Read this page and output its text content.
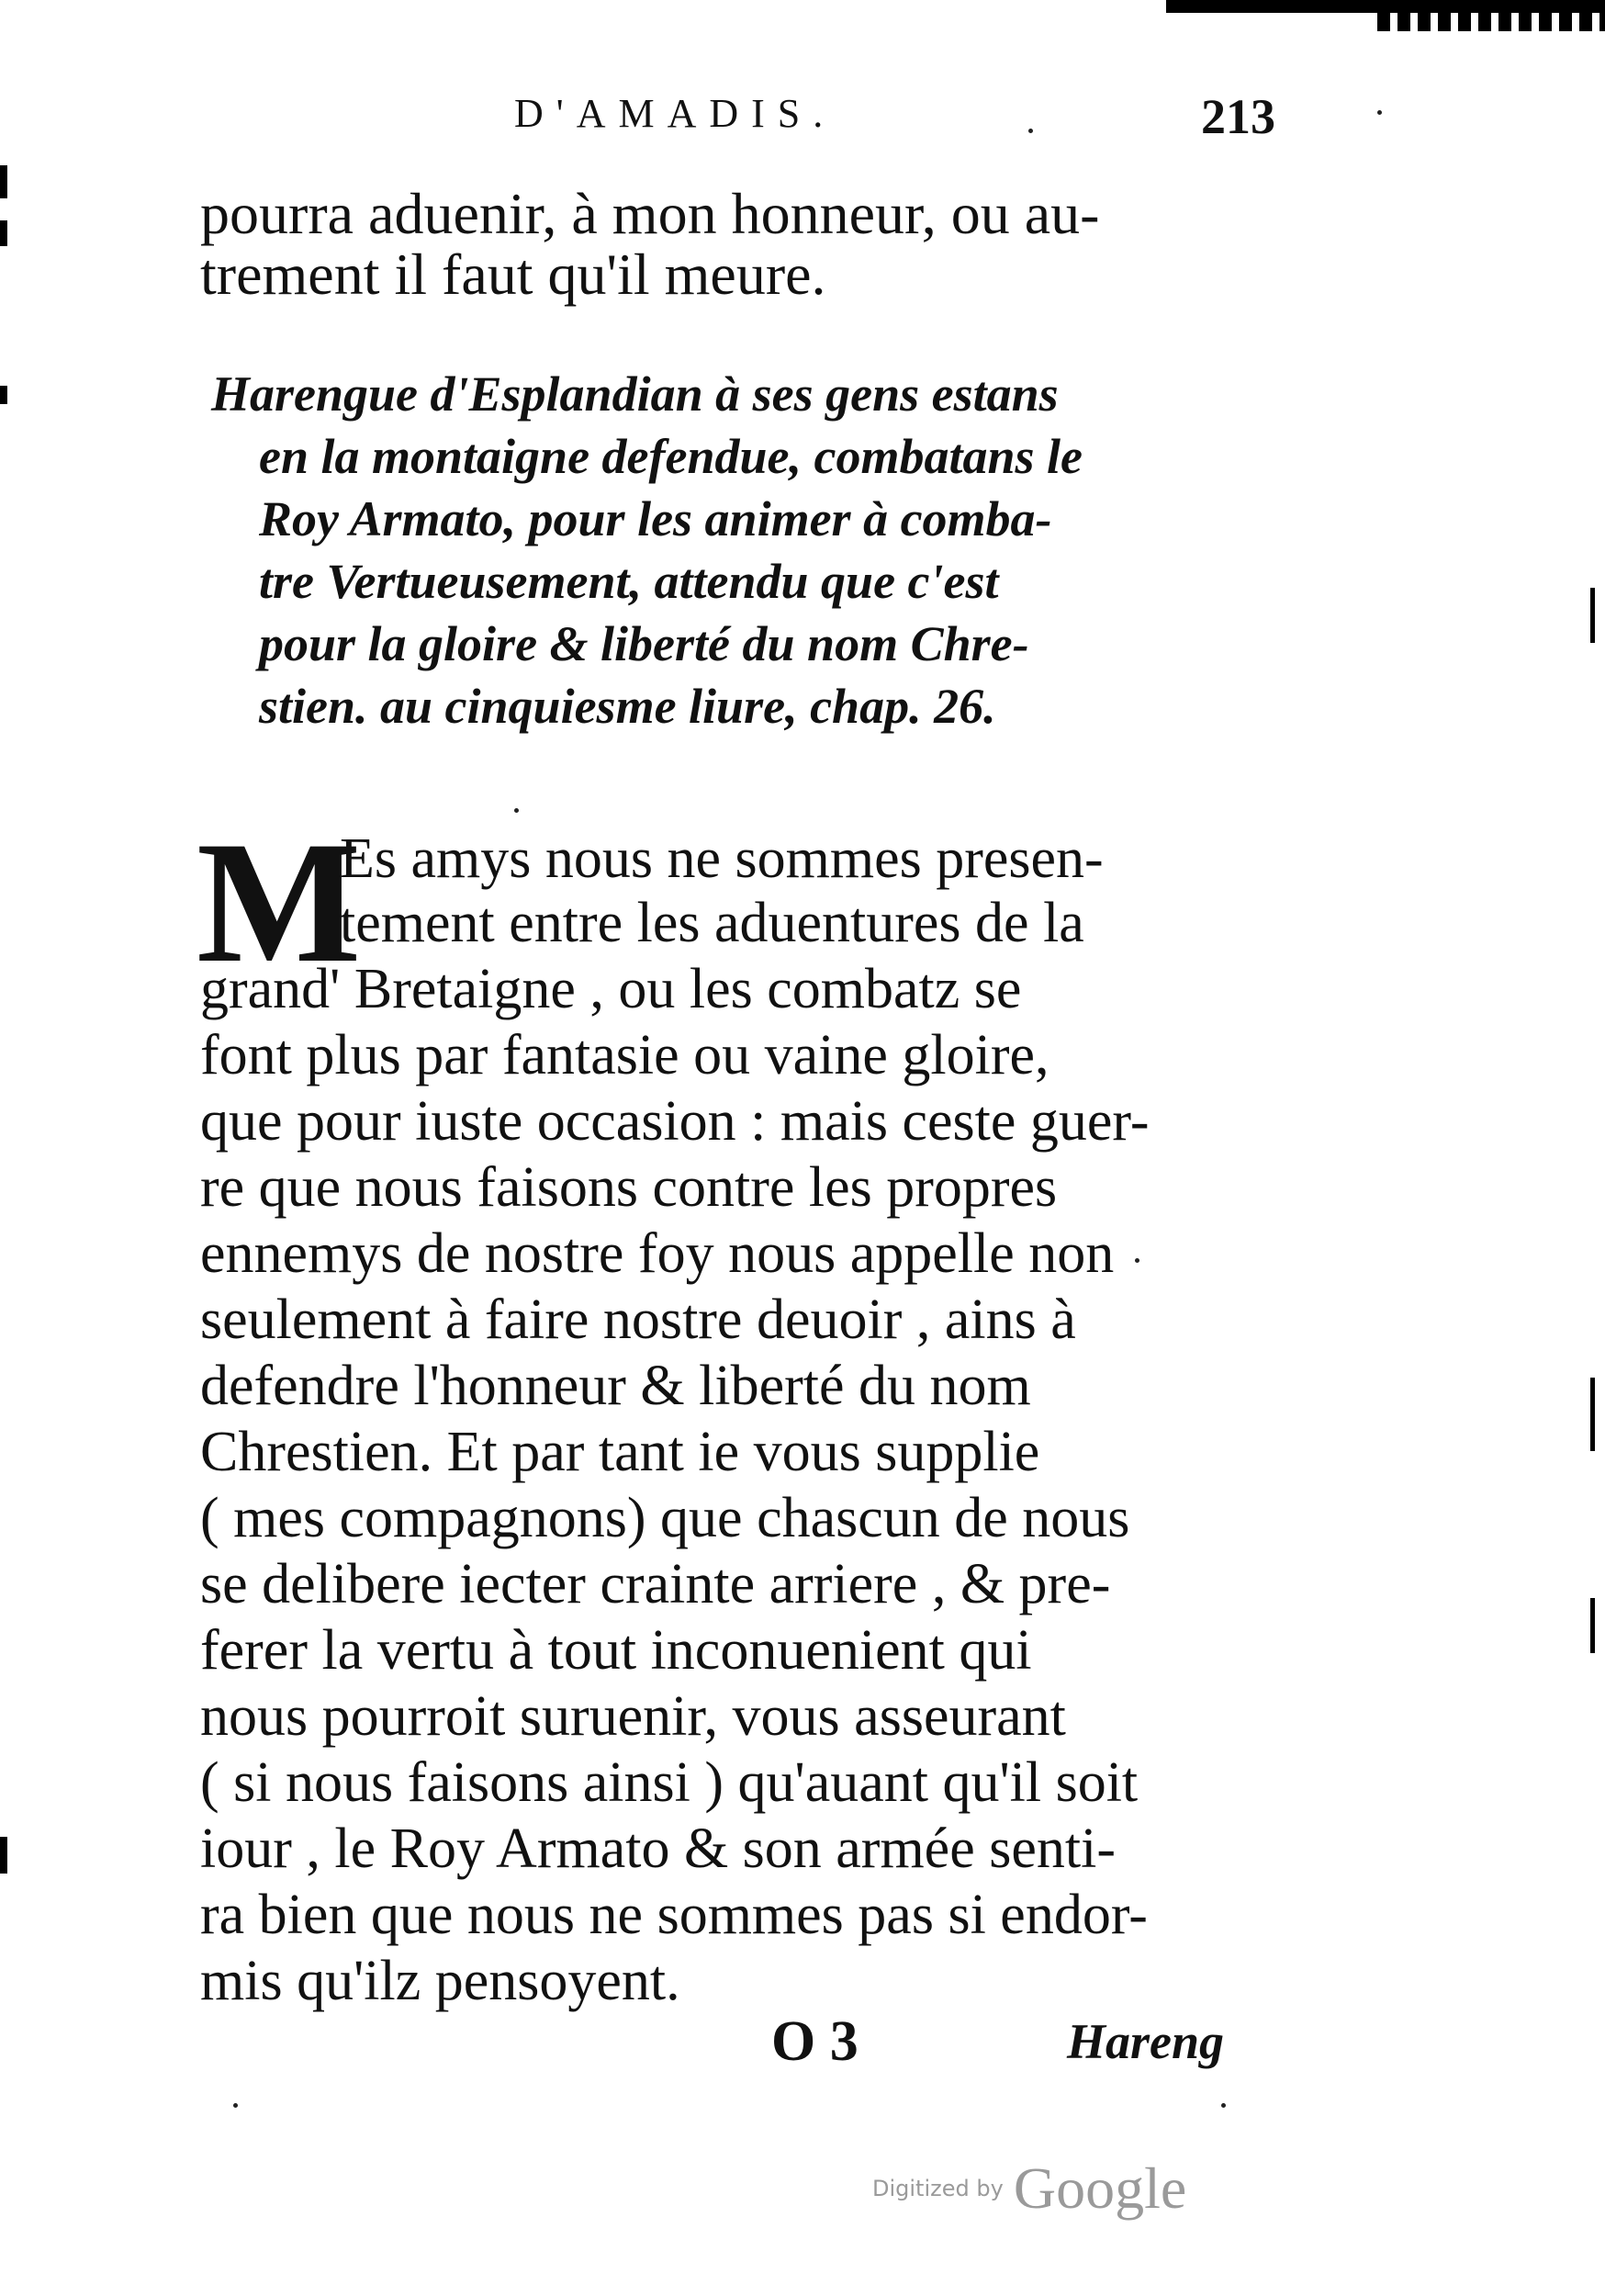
D'AMADIS.	213
pourra aduenir, à mon honneur, ou au-
trement il faut qu'il meure.
Harengue d'Esplandian à ses gens estans
en la montaigne defendue, combatans le
Roy Armato, pour les animer à comba-
tre Vertueusement, attendu que c'est
pour la gloire & liberté du nom Chre-
stien. au cinquiesme liure, chap. 26.
M
Es amys nous ne sommes presen-
tement entre les aduentures de la
grand' Bretaigne , ou les combatz se
font plus par fantasie ou vaine gloire,
que pour iuste occasion : mais ceste guer-
re que nous faisons contre les propres
ennemys de nostre foy nous appelle non
seulement à faire nostre deuoir , ains à
defendre l'honneur & liberté du nom
Chrestien. Et par tant ie vous supplie
( mes compagnons) que chascun de nous
se delibere iecter crainte arriere , & pre-
ferer la vertu à tout inconuenient qui
nous pourroit suruenir, vous asseurant
( si nous faisons ainsi ) qu'auant qu'il soit
iour , le Roy Armato & son armée senti-
ra bien que nous ne sommes pas si endor-
mis qu'ilz pensoyent.
O 3	Hareng
Digitized by Google
